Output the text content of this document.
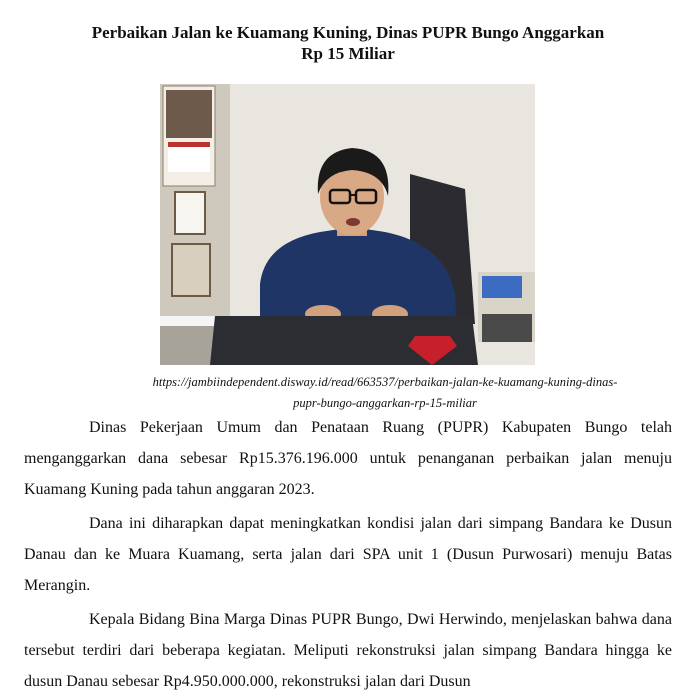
Perbaikan Jalan ke Kuamang Kuning, Dinas PUPR Bungo Anggarkan
Rp 15 Miliar
https://jambiindependent.disway.id/read/663537/perbaikan-jalan-ke-kuamang-kuning-dinas-
pupr-bungo-anggarkan-rp-15-miliar

Dinas Pekerjaan Umum dan Penataan Ruang (PUPR) Kabupaten Bungo telah menganggarkan dana sebesar Rp15.376.196.000 untuk penanganan perbaikan jalan menuju Kuamang Kuning pada tahun anggaran 2023.

Dana ini diharapkan dapat meningkatkan kondisi jalan dari simpang Bandara ke Dusun Danau dan ke Muara Kuamang, serta jalan dari SPA unit 1 (Dusun Purwosari) menuju Batas Merangin.

Kepala Bidang Bina Marga Dinas PUPR Bungo, Dwi Herwindo, menjelaskan bahwa dana tersebut terdiri dari beberapa kegiatan. Meliputi rekonstruksi jalan simpang Bandara hingga ke dusun Danau sebesar Rp4.950.000.000, rekonstruksi jalan dari Dusun
